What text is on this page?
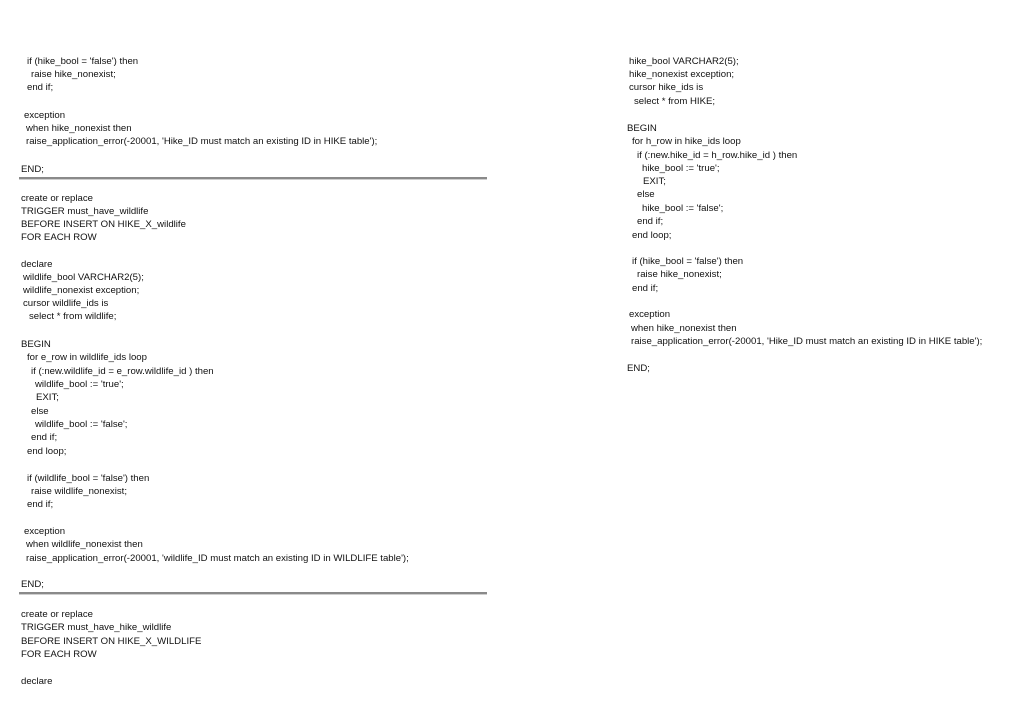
if (hike_bool = 'false') then
raise hike_nonexist;
end if;
exception
when hike_nonexist then
raise_application_error(-20001, 'Hike_ID must match an existing ID in HIKE table');
END;
create or replace
TRIGGER must_have_wildlife
BEFORE INSERT ON HIKE_X_wildlife
FOR EACH ROW
declare
wildlife_bool VARCHAR2(5);
wildlife_nonexist exception;
cursor wildlife_ids is
select * from wildlife;
BEGIN
for e_row in wildlife_ids loop
if (:new.wildlife_id = e_row.wildlife_id ) then
wildlife_bool := 'true';
EXIT;
else
wildlife_bool := 'false';
end if;
end loop;
if (wildlife_bool = 'false') then
raise wildlife_nonexist;
end if;
exception
when wildlife_nonexist then
raise_application_error(-20001, 'wildlife_ID must match an existing ID in WILDLIFE table');
END;
create or replace
TRIGGER must_have_hike_wildlife
BEFORE INSERT ON HIKE_X_WILDLIFE
FOR EACH ROW
declare
hike_bool VARCHAR2(5);
hike_nonexist exception;
cursor hike_ids is
select * from HIKE;
BEGIN
for h_row in hike_ids loop
if (:new.hike_id = h_row.hike_id ) then
hike_bool := 'true';
EXIT;
else
hike_bool := 'false';
end if;
end loop;
if (hike_bool = 'false') then
raise hike_nonexist;
end if;
exception
when hike_nonexist then
raise_application_error(-20001, 'Hike_ID must match an existing ID in HIKE table');
END;
